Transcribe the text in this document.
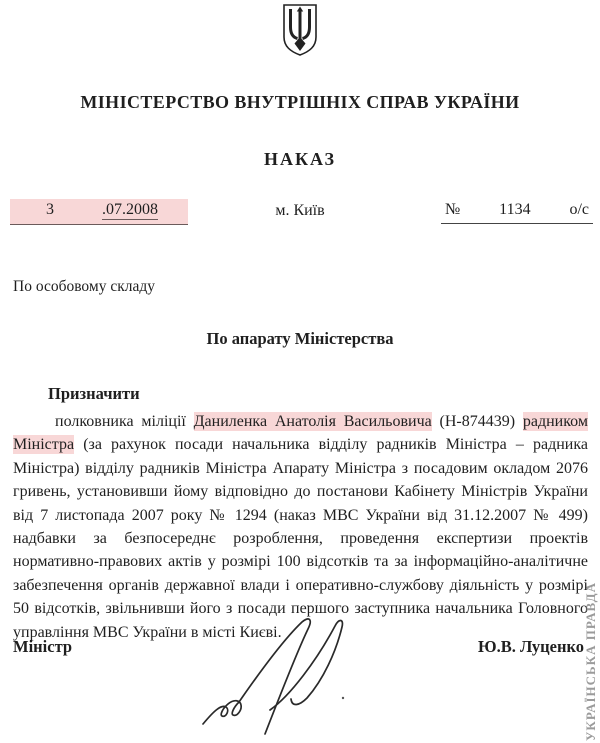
МІНІСТЕРСТВО ВНУТРІШНІХ СПРАВ УКРАЇНИ
НАКАЗ
м. Київ
3	.07.2008	№ 1134 о/с
По особовому складу
По апарату Міністерства
Призначити
полковника міліції Даниленка Анатолія Васильовича (Н-874439) радником Міністра (за рахунок посади начальника відділу радників Міністра – радника Міністра) відділу радників Міністра Апарату Міністра з посадовим окладом 2076 гривень, установивши йому відповідно до постанови Кабінету Міністрів України від 7 листопада 2007 року № 1294 (наказ МВС України від 31.12.2007 № 499) надбавки за безпосереднє розроблення, проведення експертизи проектів нормативно-правових актів у розмірі 100 відсотків та за інформаційно-аналітичне забезпечення органів державної влади і оперативно-службову діяльність у розмірі 50 відсотків, звільнивши його з посади першого заступника начальника Головного управління МВС України в місті Києві.
Міністр	Ю.В. Луценко УКРАЇНСЬКА ПРАВДА
